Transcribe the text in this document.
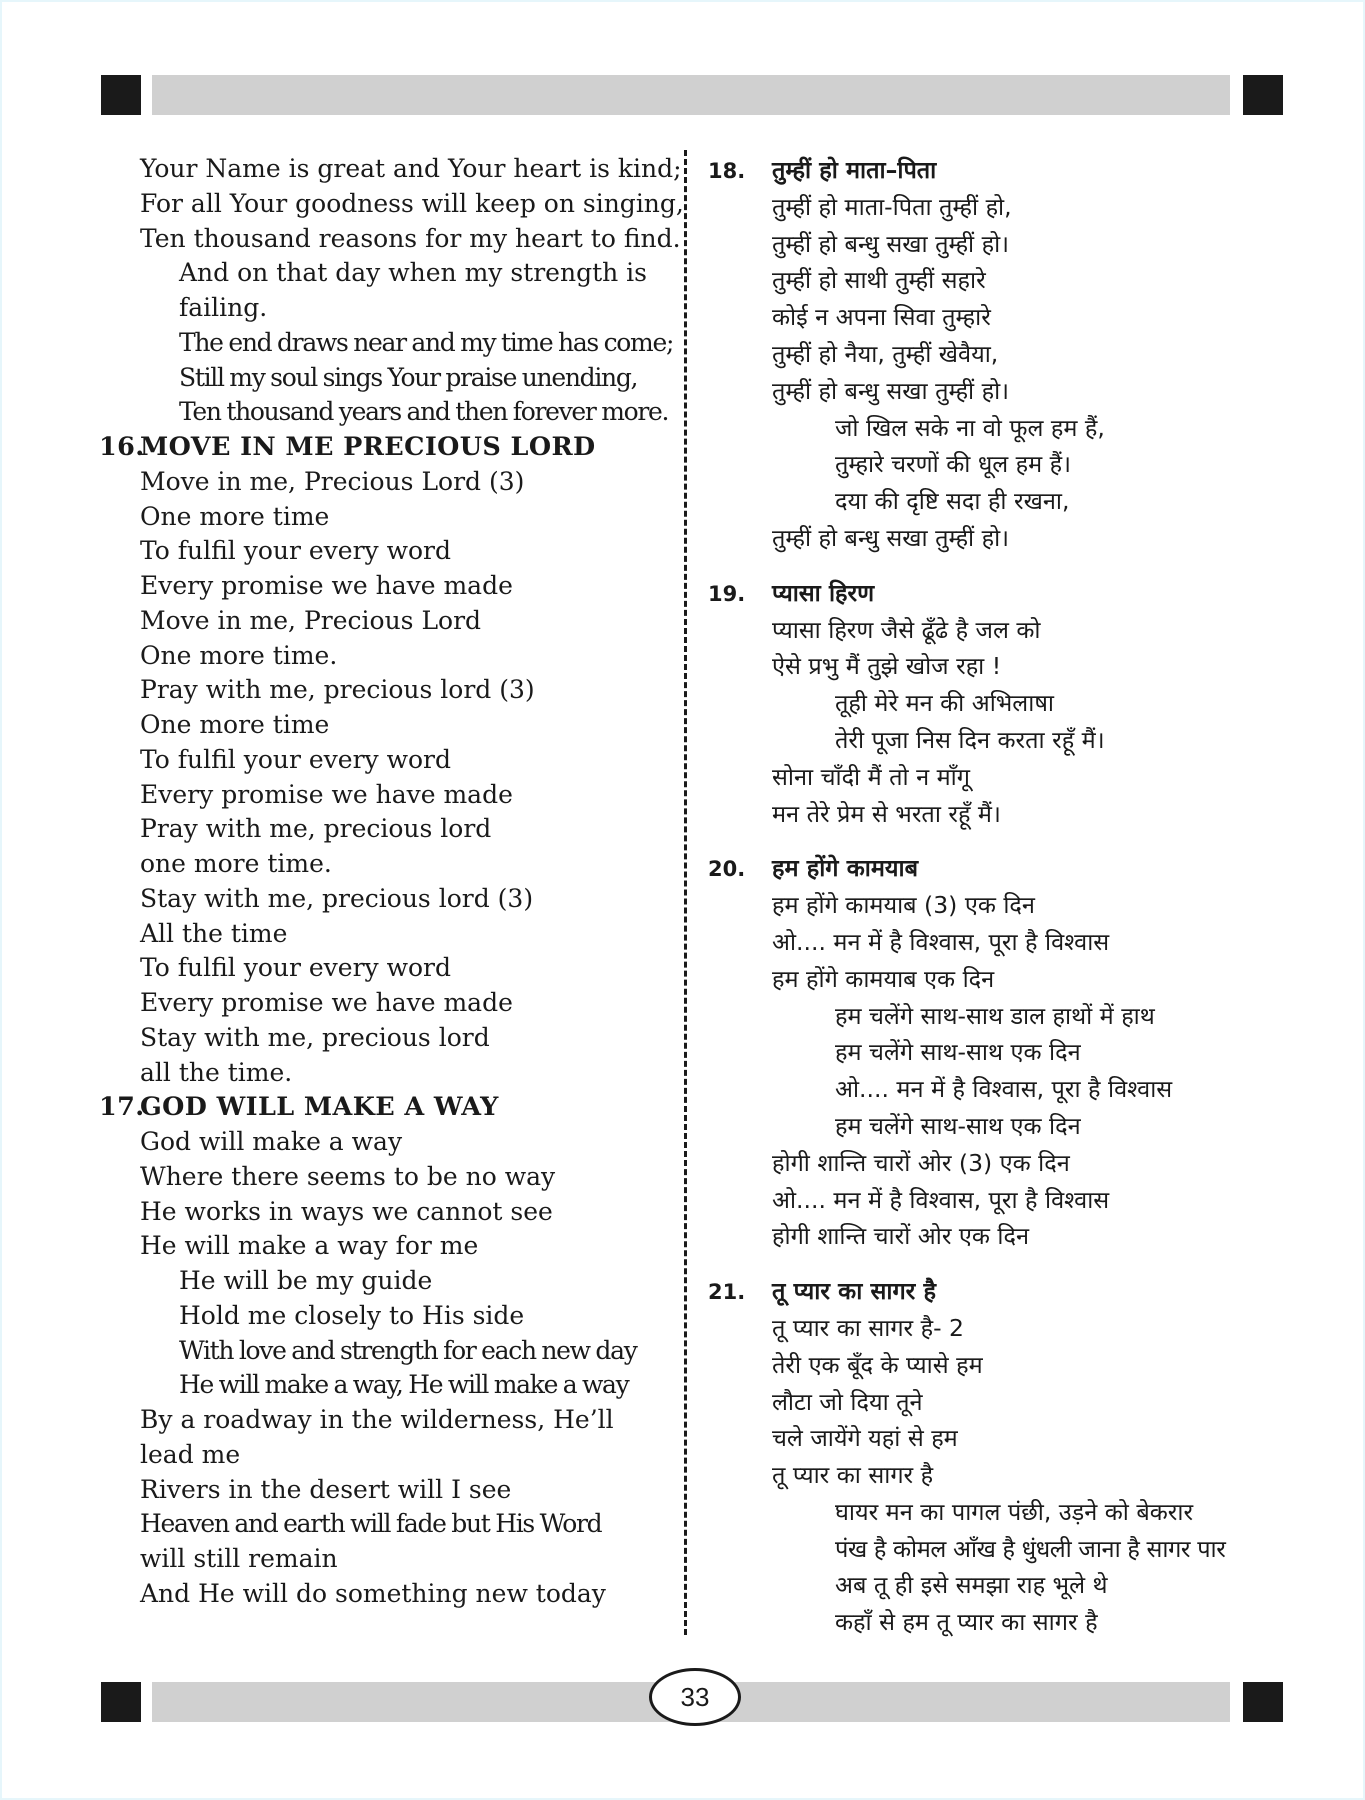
Your Name is great and Your heart is kind;
For all Your goodness will keep on singing,
Ten thousand reasons for my heart to find.
And on that day when my strength is
failing.
The end draws near and my time has come;
Still my soul sings Your praise unending,
Ten thousand years and then forever more.
16.MOVE IN ME PRECIOUS LORD
Move in me, Precious Lord (3)
One more time
To fulfil your every word
Every promise we have made
Move in me, Precious Lord
One more time.
Pray with me, precious lord (3)
One more time
To fulfil your every word
Every promise we have made
Pray with me, precious lord
one more time.
Stay with me, precious lord (3)
All the time
To fulfil your every word
Every promise we have made
Stay with me, precious lord
all the time.
17.GOD WILL MAKE A WAY
God will make a way
Where there seems to be no way
He works in ways we cannot see
He will make a way for me
He will be my guide
Hold me closely to His side
With love and strength for each new day
He will make a way, He will make a way
By a roadway in the wilderness, He’ll
lead me
Rivers in the desert will I see
Heaven and earth will fade but His Word
will still remain
And He will do something new today
18. तुम्हीं हो माता–पिता
तुम्हीं हो माता-पिता तुम्हीं हो,
तुम्हीं हो बन्धु सखा तुम्हीं हो।
तुम्हीं हो साथी तुम्हीं सहारे
कोई न अपना सिवा तुम्हारे
तुम्हीं हो नैया, तुम्हीं खेवैया,
तुम्हीं हो बन्धु सखा तुम्हीं हो।
जो खिल सके ना वो फूल हम हैं,
तुम्हारे चरणों की धूल हम हैं।
दया की दृष्टि सदा ही रखना,
तुम्हीं हो बन्धु सखा तुम्हीं हो।
19. प्यासा हिरण
प्यासा हिरण जैसे ढूँढे है जल को
ऐसे प्रभु मैं तुझे खोज रहा !
तूही मेरे मन की अभिलाषा
तेरी पूजा निस दिन करता रहूँ मैं।
सोना चाँदी मैं तो न माँगू
मन तेरे प्रेम से भरता रहूँ मैं।
20. हम होंगे कामयाब
हम होंगे कामयाब (3) एक दिन
ओ.... मन में है विश्वास, पूरा है विश्वास
हम होंगे कामयाब एक दिन
हम चलेंगे साथ-साथ डाल हाथों में हाथ
हम चलेंगे साथ-साथ एक दिन
ओ.... मन में है विश्वास, पूरा है विश्वास
हम चलेंगे साथ-साथ एक दिन
होगी शान्ति चारों ओर (3) एक दिन
ओ.... मन में है विश्वास, पूरा है विश्वास
होगी शान्ति चारों ओर एक दिन
21. तू प्यार का सागर है
तू प्यार का सागर है- 2
तेरी एक बूँद के प्यासे हम
लौटा जो दिया तूने
चले जायेंगे यहां से हम
तू प्यार का सागर है
घायर मन का पागल पंछी, उड़ने को बेकरार
पंख है कोमल आँख है धुंधली जाना है सागर पार
अब तू ही इसे समझा राह भूले थे
कहाँ से हम तू प्यार का सागर है
33
